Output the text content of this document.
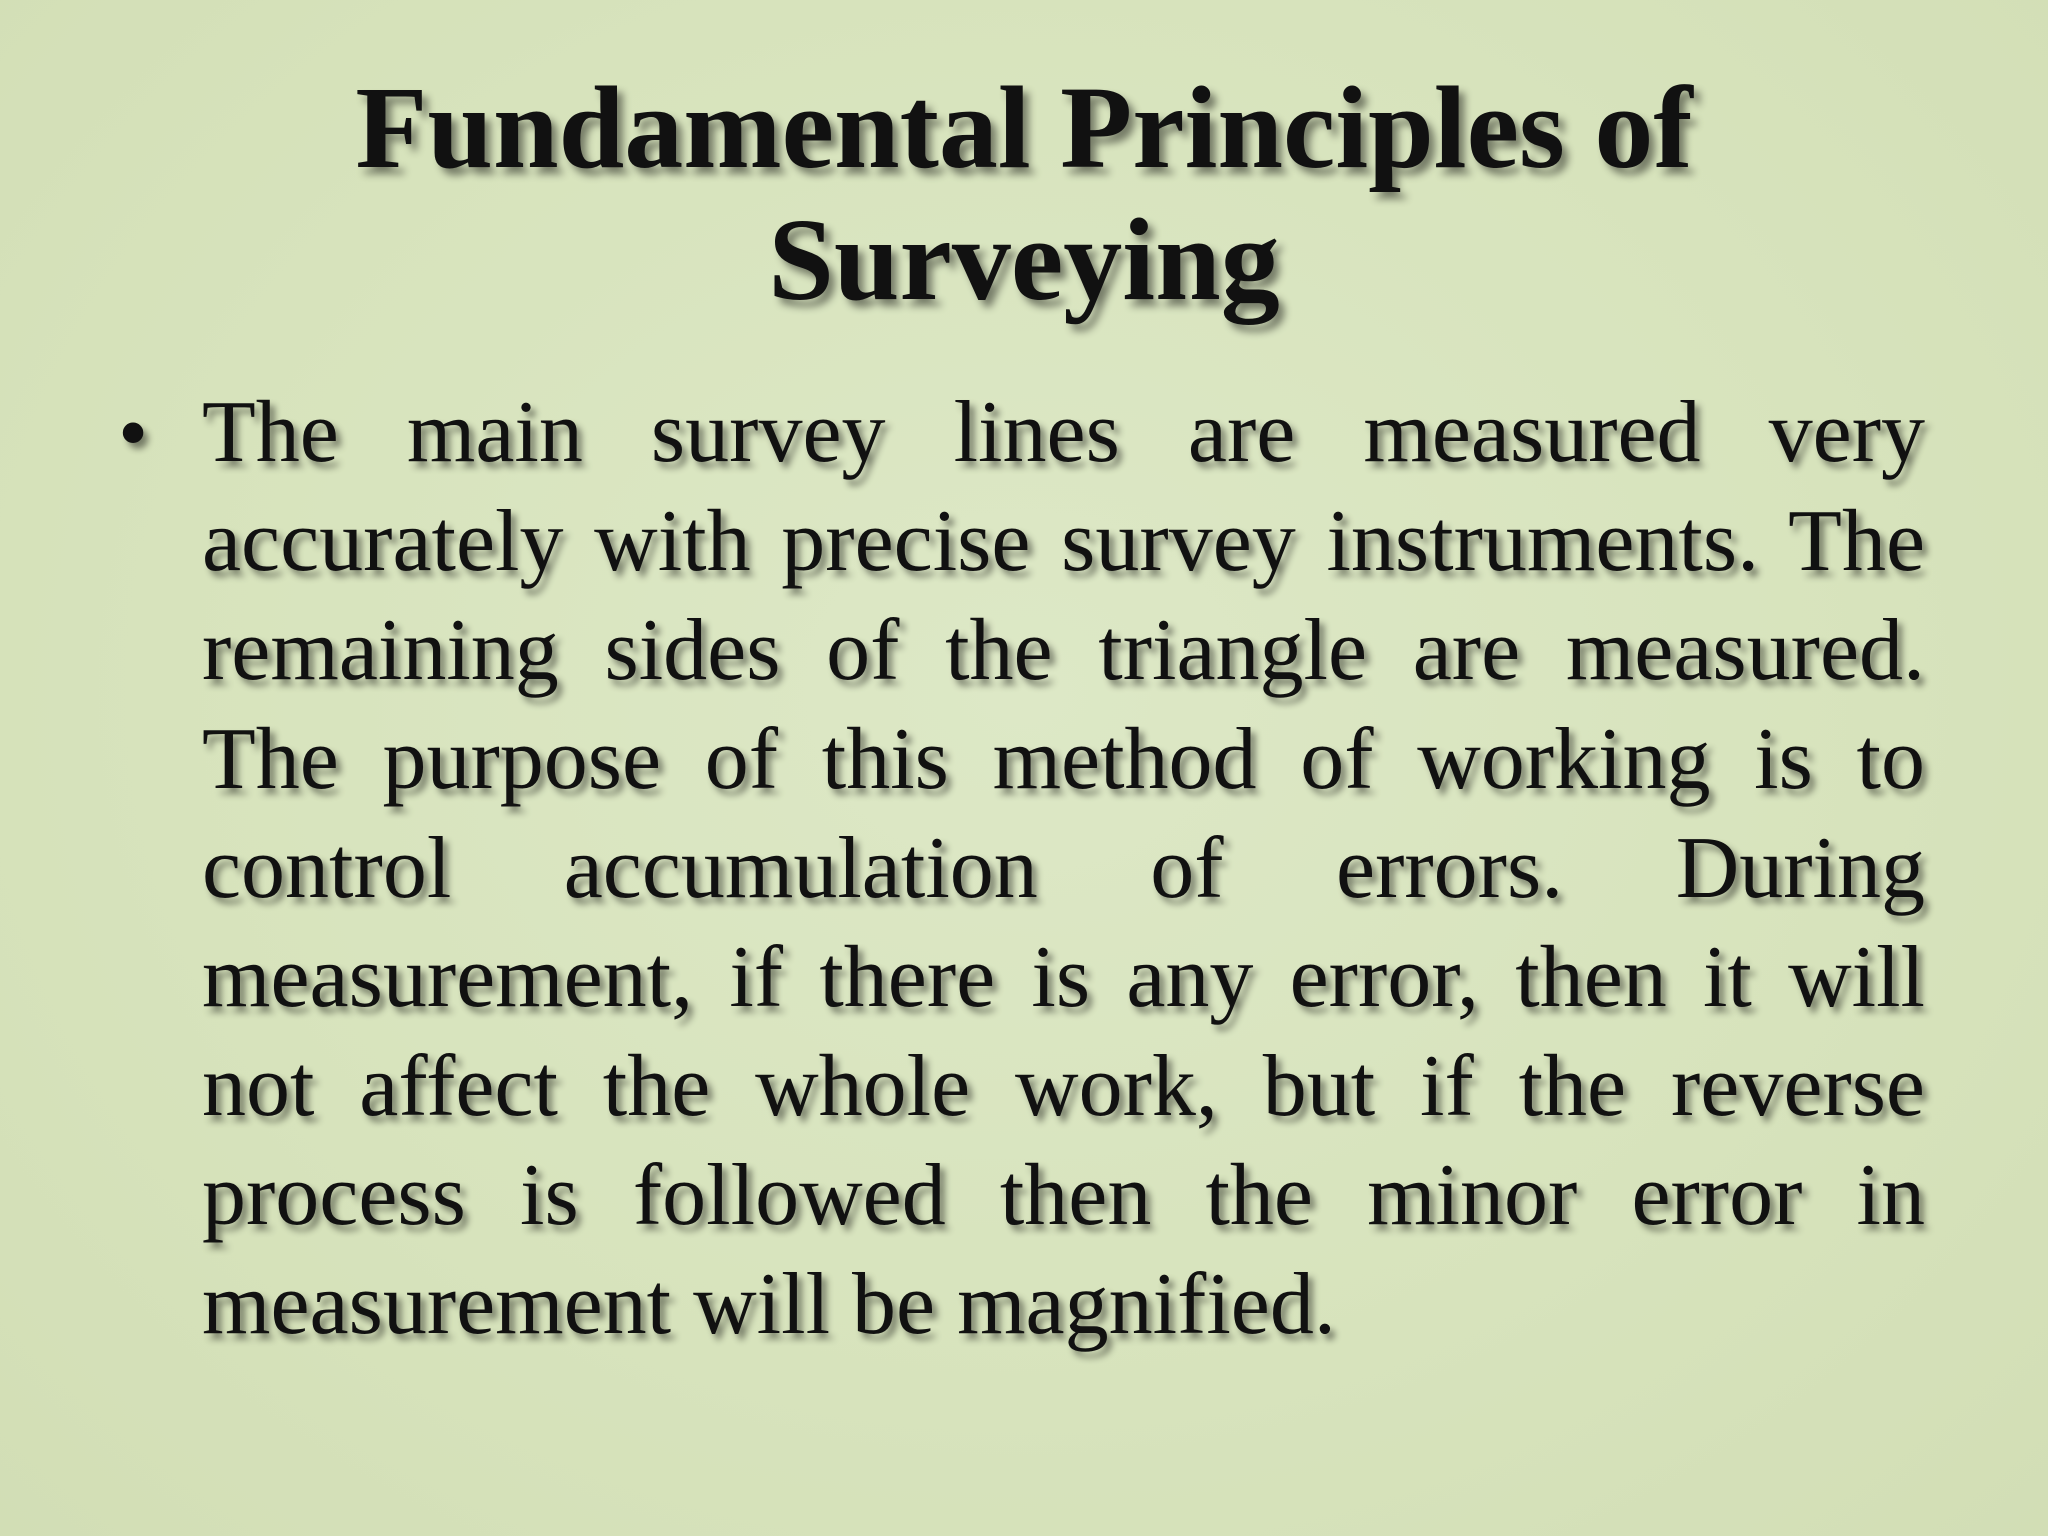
Fundamental Principles of Surveying
• The main survey lines are measured very accurately with precise survey instruments. The remaining sides of the triangle are measured. The purpose of this method of working is to control accumulation of errors. During measurement, if there is any error, then it will not affect the whole work, but if the reverse process is followed then the minor error in measurement will be magnified.
